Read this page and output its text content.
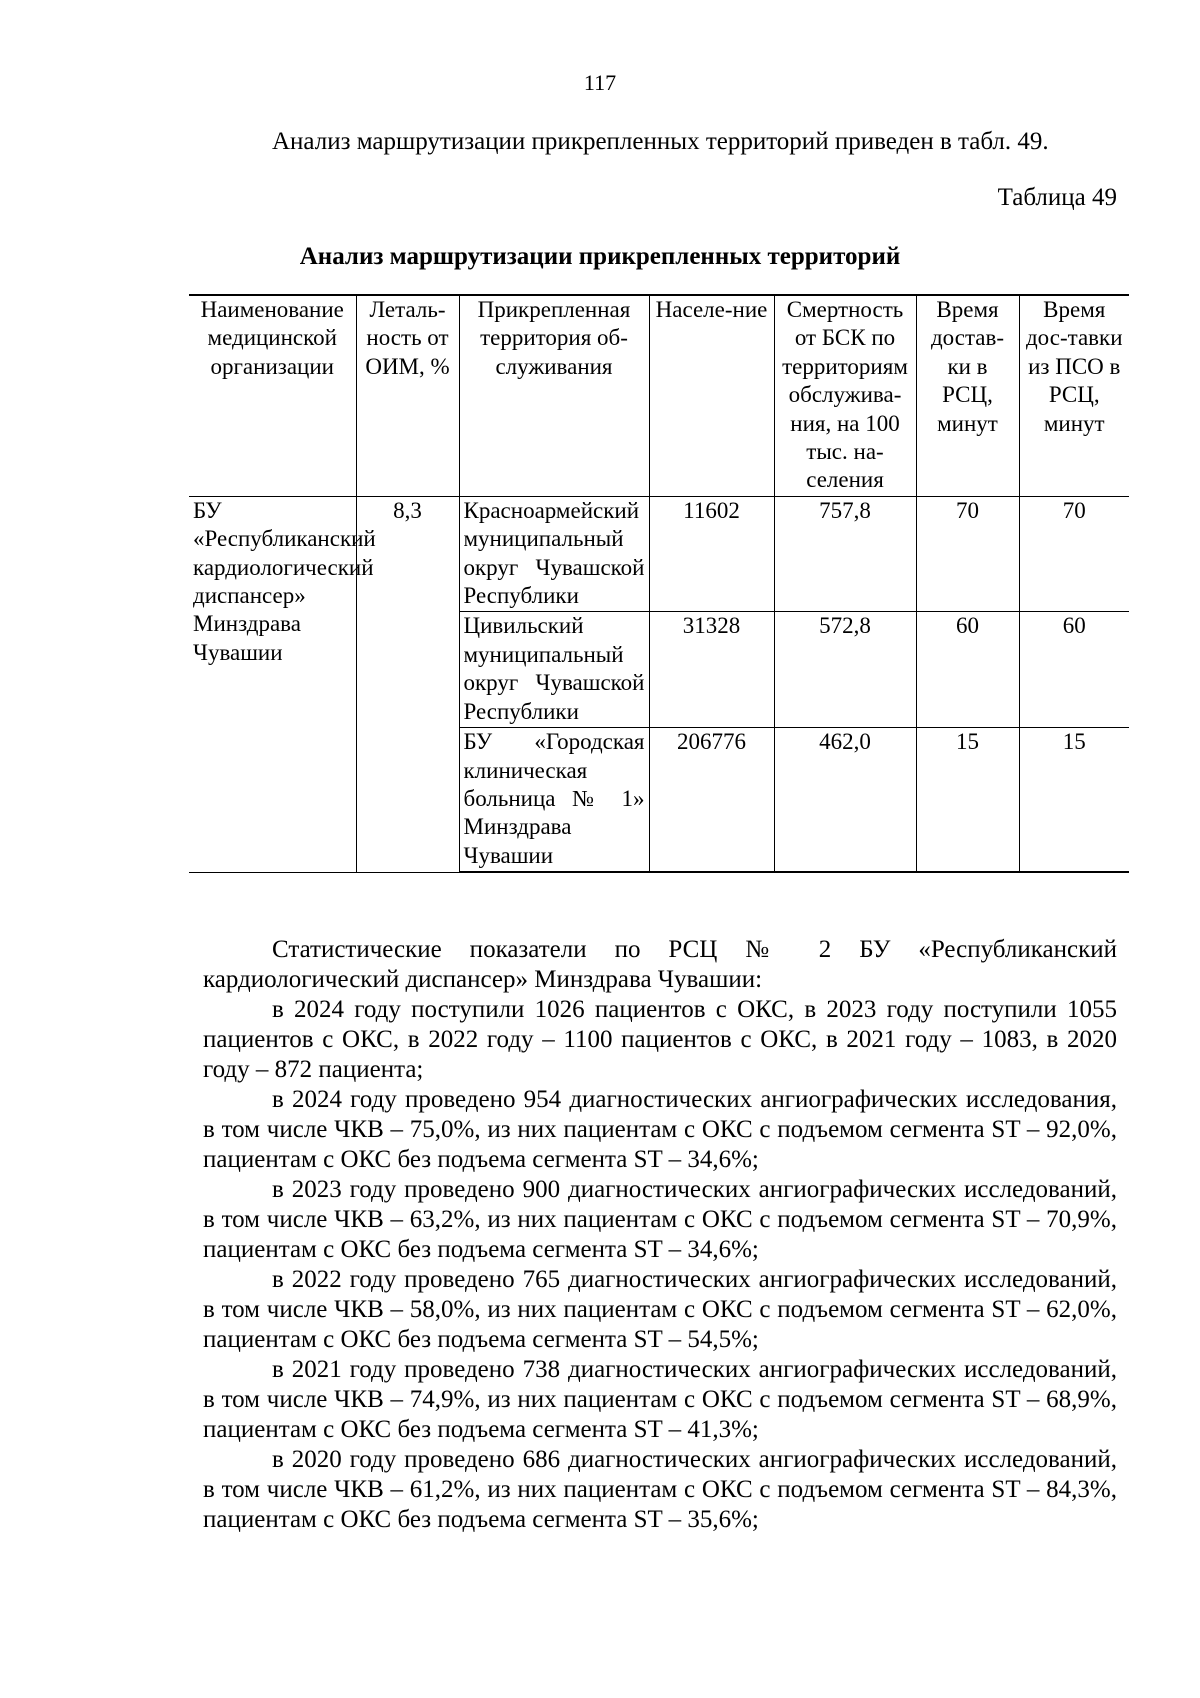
117
Анализ маршрутизации прикрепленных территорий приведен в табл. 49.
Таблица 49
Анализ маршрутизации прикрепленных территорий
Наименование медицинской организации	Леталь-ность от ОИМ, %	Прикрепленная территория об-служивания	Населе-ние	Смертность от БСК по территориям обслужива-ния, на 100 тыс. на-селения	Время достав-ки в РСЦ, минут	Время дос-тавки из ПСО в РСЦ, минут
БУ «Республиканский кардиологический диспансер» Минздрава Чувашии	8,3	Красноармейский муниципальный округ Чувашской Республики	11602	757,8	70	70
		Цивильский муниципальный округ Чувашской Республики	31328	572,8	60	60
		БУ «Городская клиническая больница № 1» Минздрава Чувашии	206776	462,0	15	15

Статистические показатели по РСЦ № 2 БУ «Республиканский кардиологический диспансер» Минздрава Чувашии:

в 2024 году поступили 1026 пациентов с ОКС, в 2023 году поступили 1055 пациентов с ОКС, в 2022 году – 1100 пациентов с ОКС, в 2021 году – 1083, в 2020 году – 872 пациента;

в 2024 году проведено 954 диагностических ангиографических исследования, в том числе ЧКВ – 75,0%, из них пациентам с ОКС с подъемом сегмента ST – 92,0%, пациентам с ОКС без подъема сегмента ST – 34,6%;

в 2023 году проведено 900 диагностических ангиографических исследований, в том числе ЧКВ – 63,2%, из них пациентам с ОКС с подъемом сегмента ST – 70,9%, пациентам с ОКС без подъема сегмента ST – 34,6%;

в 2022 году проведено 765 диагностических ангиографических исследований, в том числе ЧКВ – 58,0%, из них пациентам с ОКС с подъемом сегмента ST – 62,0%, пациентам с ОКС без подъема сегмента ST – 54,5%;

в 2021 году проведено 738 диагностических ангиографических исследований, в том числе ЧКВ – 74,9%, из них пациентам с ОКС с подъемом сегмента ST – 68,9%, пациентам с ОКС без подъема сегмента ST – 41,3%;

в 2020 году проведено 686 диагностических ангиографических исследований, в том числе ЧКВ – 61,2%, из них пациентам с ОКС с подъемом сегмента ST – 84,3%, пациентам с ОКС без подъема сегмента ST – 35,6%;
